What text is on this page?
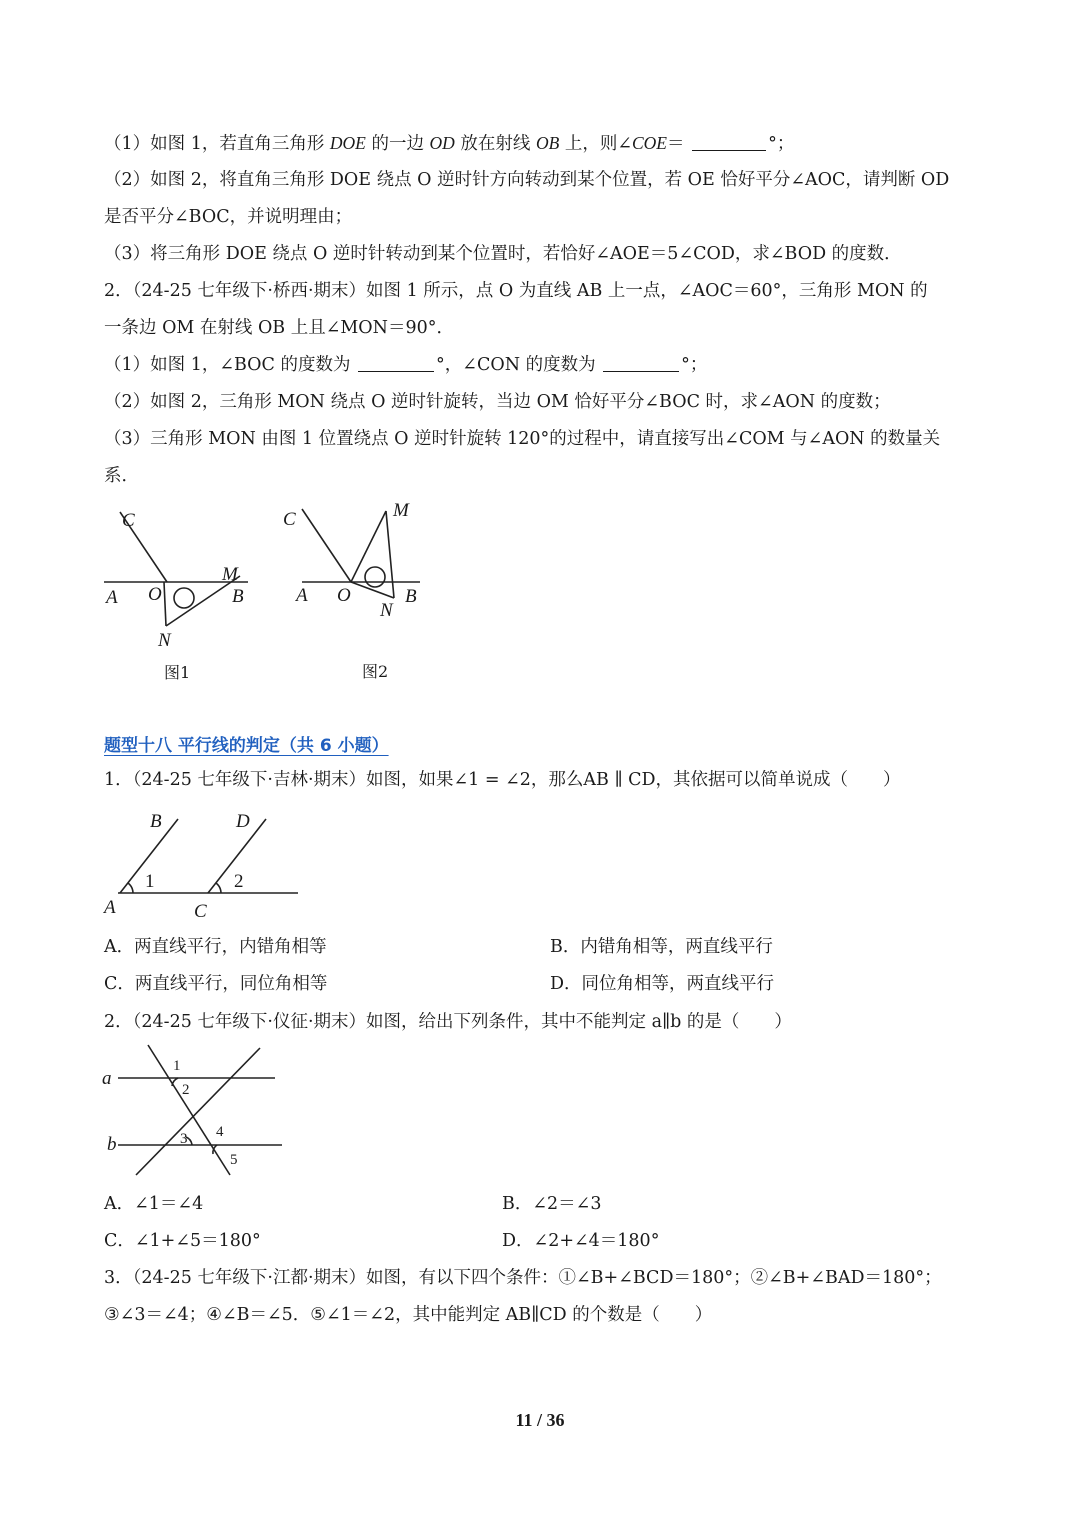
（1）如图 1，若直角三角形 DOE 的一边 OD 放在射线 OB 上，则∠COE＝	°；
（2）如图 2，将直角三角形 DOE 绕点 O 逆时针方向转动到某个位置，若 OE 恰好平分∠AOC，请判断 OD
是否平分∠BOC，并说明理由；
（3）将三角形 DOE 绕点 O 逆时针转动到某个位置时，若恰好∠AOE＝5∠COD，求∠BOD 的度数．
2．（24-25 七年级下·桥西·期末）如图 1 所示，点 O 为直线 AB 上一点，∠AOC＝60°，三角形 MON 的
一条边 OM 在射线 OB 上且∠MON＝90°．
（1）如图 1，∠BOC 的度数为	°，∠CON 的度数为	°；
（2）如图 2，三角形 MON 绕点 O 逆时针旋转，当边 OM 恰好平分∠BOC 时，求∠AON 的度数；
（3）三角形 MON 由图 1 位置绕点 O 逆时针旋转 120°的过程中，请直接写出∠COM 与∠AON 的数量关
系．
C
M
A O	B
N
图1
C	M
A O	B
N
图2
题型十八 平行线的判定（共 6 小题）
1．（24-25 七年级下·吉林·期末）如图，如果∠1 = ∠2，那么AB ∥ CD，其依据可以简单说成（　　）
B	D
1	2
A	C
A．两直线平行，内错角相等	B．内错角相等，两直线平行
C．两直线平行，同位角相等	D．同位角相等，两直线平行
2．（24-25 七年级下·仪征·期末）如图，给出下列条件，其中不能判定 a∥b 的是（　　）
a
b
1
2
3 4
5
A．∠1＝∠4	B．∠2＝∠3
C．∠1+∠5＝180°	D．∠2+∠4＝180°
3．（24-25 七年级下·江都·期末）如图，有以下四个条件：①∠B+∠BCD＝180°；②∠B+∠BAD＝180°；
③∠3＝∠4；④∠B＝∠5．⑤∠1＝∠2，其中能判定 AB∥CD 的个数是（　　）
11 / 36
